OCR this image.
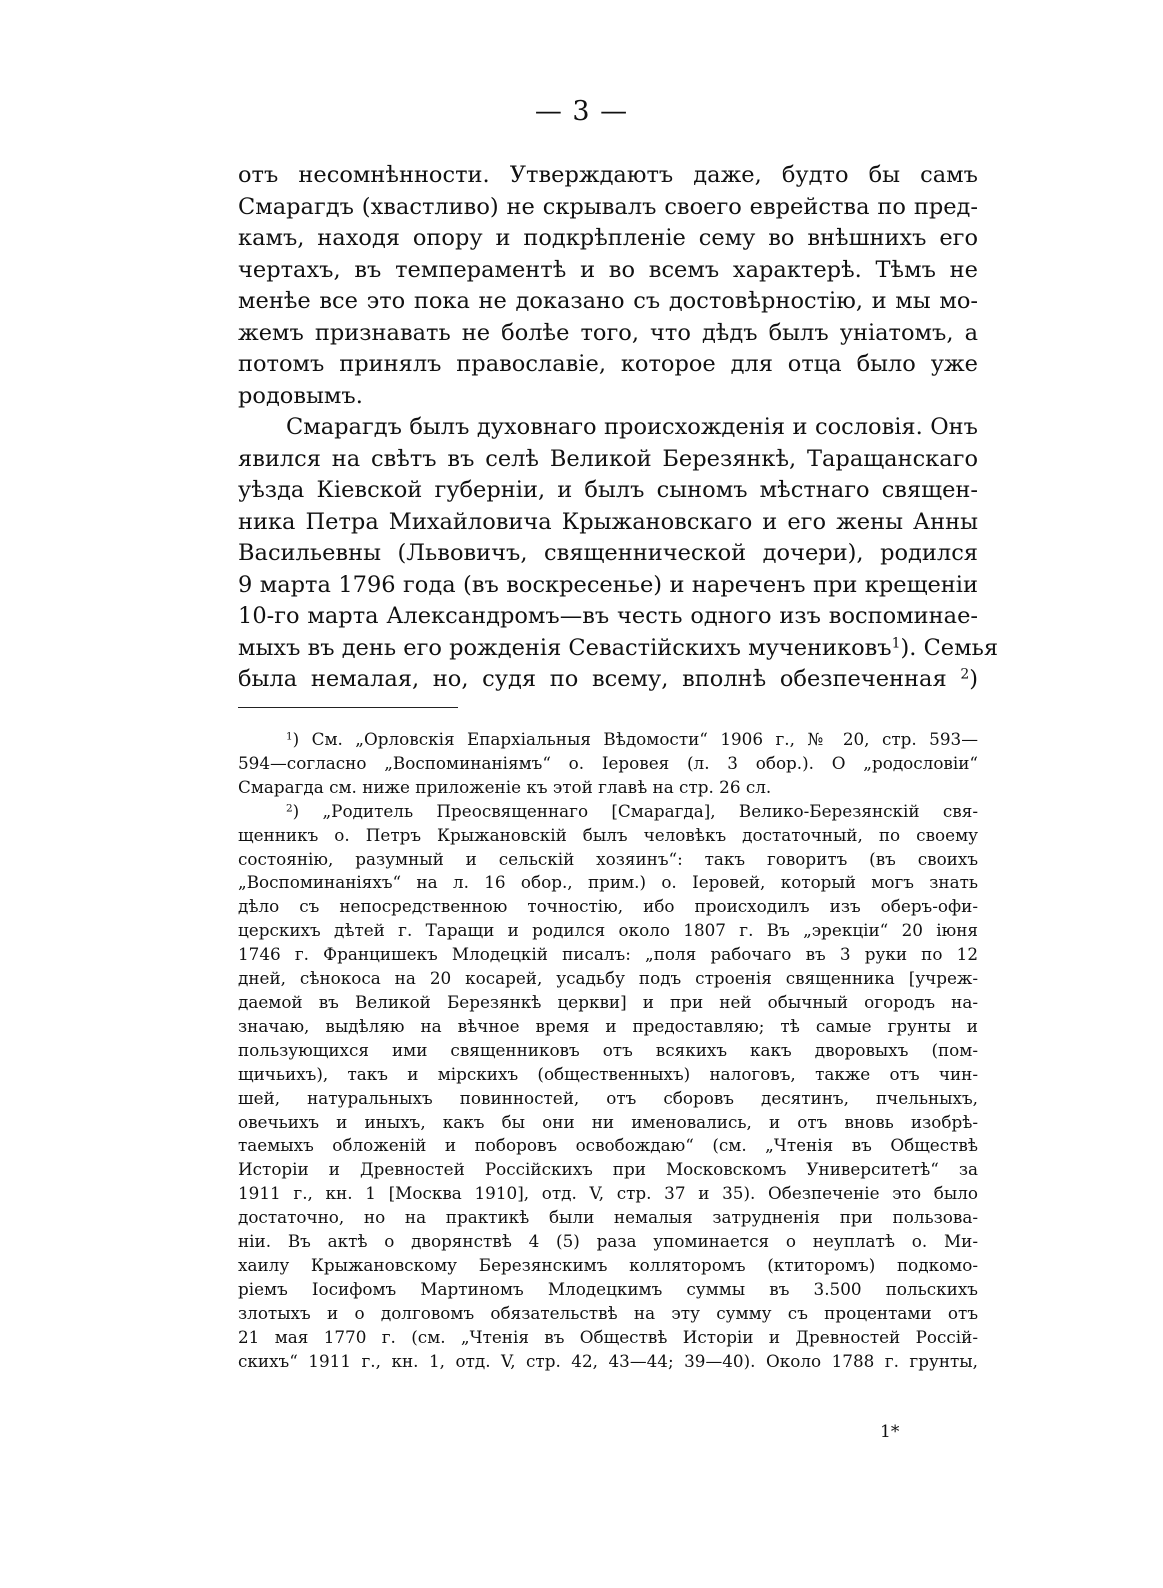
— 3 —
отъ несомнѣнности. Утверждаютъ даже, будто бы самъ
Смарагдъ (хвастливо) не скрывалъ своего еврейства по пред-
камъ, находя опору и подкрѣпленіе сему во внѣшнихъ его
чертахъ, въ темпераментѣ и во всемъ характерѣ. Тѣмъ не
менѣе все это пока не доказано съ достовѣрностію, и мы мо-
жемъ признавать не болѣе того, что дѣдъ былъ уніатомъ, а
потомъ принялъ православіе, которое для отца было уже
родовымъ.
Смарагдъ былъ духовнаго происхожденія и сословія. Онъ
явился на свѣтъ въ селѣ Великой Березянкѣ, Таращанскаго
уѣзда Кіевской губерніи, и былъ сыномъ мѣстнаго священ-
ника Петра Михайловича Крыжановскаго и его жены Анны
Васильевны (Львовичъ, священнической дочери), родился
9 марта 1796 года (въ воскресенье) и нареченъ при крещеніи
10-го марта Александромъ—въ честь одного изъ воспоминае-
мыхъ въ день его рожденія Севастійскихъ мучениковъ$^1$). Семья
была немалая, но, судя по всему, вполнѣ обезпеченная $^2$)
$^1$) См. „Орловскія Епархіальныя Вѣдомости“ 1906 г., № 20, стр. 593—
594—согласно „Воспоминаніямъ“ о. Іеровея (л. 3 обор.). О „родословіи“
Смарагда см. ниже приложеніе къ этой главѣ на стр. 26 сл.
$^2$) „Родитель Преосвященнаго [Смарагда], Велико-Березянскій свя-
щенникъ о. Петръ Крыжановскій былъ человѣкъ достаточный, по своему
состоянію, разумный и сельскій хозяинъ“: такъ говоритъ (въ своихъ
„Воспоминаніяхъ“ на л. 16 обор., прим.) о. Іеровей, который могъ знать
дѣло съ непосредственною точностію, ибо происходилъ изъ оберъ-офи-
церскихъ дѣтей г. Таращи и родился около 1807 г. Въ „эрекціи“ 20 іюня
1746 г. Францишекъ Млодецкій писалъ: „поля рабочаго въ 3 руки по 12
дней, сѣнокоса на 20 косарей, усадьбу подъ строенія священника [учреж-
даемой въ Великой Березянкѣ церкви] и при ней обычный огородъ на-
значаю, выдѣляю на вѣчное время и предоставляю; тѣ самые грунты и
пользующихся ими священниковъ отъ всякихъ какъ дворовыхъ (пом-
щичьихъ), такъ и мірскихъ (общественныхъ) налоговъ, также отъ чин-
шей, натуральныхъ повинностей, отъ сборовъ десятинъ, пчельныхъ,
овечьихъ и иныхъ, какъ бы они ни именовались, и отъ вновь изобрѣ-
таемыхъ обложеній и поборовъ освобождаю“ (см. „Чтенія въ Обществѣ
Исторіи и Древностей Россійскихъ при Московскомъ Университетѣ“ за
1911 г., кн. 1 [Москва 1910], отд. V, стр. 37 и 35). Обезпеченіе это было
достаточно, но на практикѣ были немалыя затрудненія при пользова-
ніи. Въ актѣ о дворянствѣ 4 (5) раза упоминается о неуплатѣ о. Ми-
хаилу Крыжановскому Березянскимъ колляторомъ (ктиторомъ) подкомо-
ріемъ Іосифомъ Мартиномъ Млодецкимъ суммы въ 3.500 польскихъ
злотыхъ и о долговомъ обязательствѣ на эту сумму съ процентами отъ
21 мая 1770 г. (см. „Чтенія въ Обществѣ Исторіи и Древностей Росcій-
скихъ“ 1911 г., кн. 1, отд. V, стр. 42, 43—44; 39—40). Около 1788 г. грунты,
1*
